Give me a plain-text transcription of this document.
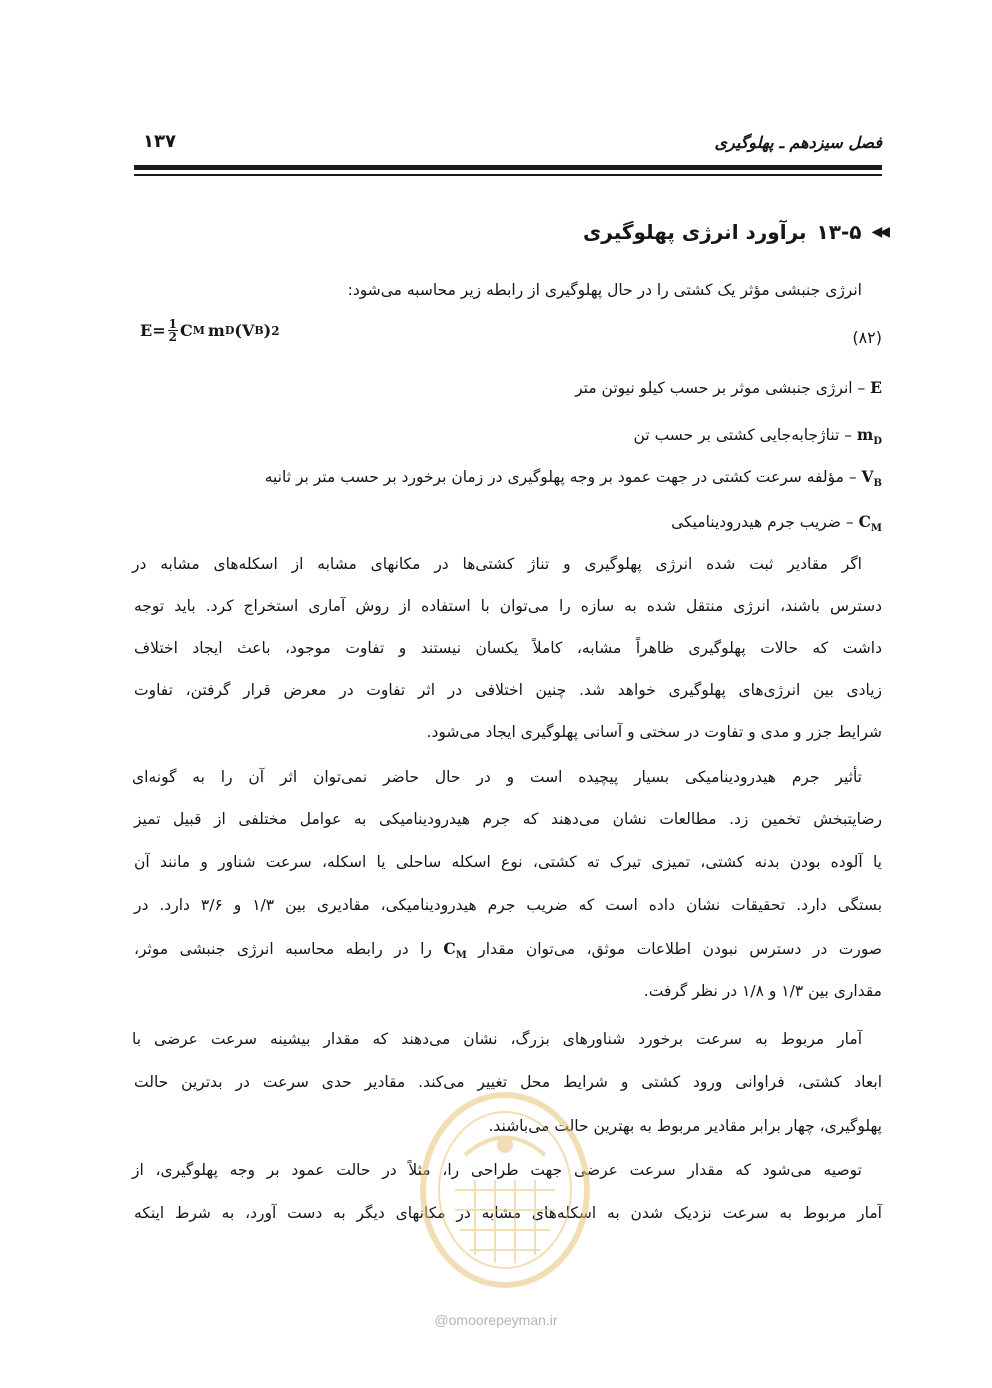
فصل سیزدهم ـ پهلوگیری
۱۳۷
◀◀
۱۳-۵
برآورد انرژی پهلوگیری
انرژی جنبشی مؤثر یک کشتی را در حال پهلوگیری از رابطه زیر محاسبه می‌شود:
$E= \frac{1}{2}$ C M m D (V B ) 2	(۸۲)
E – انرژی جنبشی موثر بر حسب کیلو نیوتن متر
$m_D$ – تناژجابه‌جایی کشتی بر حسب تن
$V_B$ – مؤلفه سرعت کشتی در جهت عمود بر وجه پهلوگیری در زمان برخورد بر حسب متر بر ثانیه
$C_M$ – ضریب جرم هیدرودینامیکی
اگر مقادیر ثبت شده انرژی پهلوگیری و تناژ کشتی‌ها در مکانهای مشابه از اسکله‌های مشابه در
دسترس باشند، انرژی منتقل شده به سازه را می‌توان با استفاده از روش آماری استخراج کرد. باید توجه
داشت که حالات پهلوگیری ظاهراً مشابه، کاملاً یکسان نیستند و تفاوت موجود، باعث ایجاد اختلاف
زیادی بین انرژی‌های پهلوگیری خواهد شد. چنین اختلافی در اثر تفاوت در معرض قرار گرفتن، تفاوت
شرایط جزر و مدی و تفاوت در سختی و آسانی پهلوگیری ایجاد می‌شود.
تأثیر جرم هیدرودینامیکی بسیار پیچیده است و در حال حاضر نمی‌توان اثر آن را به گونه‌ای
رضایتبخش تخمین زد. مطالعات نشان می‌دهند که جرم هیدرودینامیکی به عوامل مختلفی از قبیل تمیز
یا آلوده بودن بدنه کشتی، تمیزی تیرک ته کشتی، نوع اسکله ساحلی یا اسکله، سرعت شناور و مانند آن
بستگی دارد. تحقیقات نشان داده است که ضریب جرم هیدرودینامیکی، مقادیری بین ۱/۳ و ۳/۶ دارد. در
صورت در دسترس نبودن اطلاعات موثق، می‌توان مقدار $C_M$ را در رابطه محاسبه انرژی جنبشی موثر،
مقداری بین ۱/۳ و ۱/۸ در نظر گرفت.
آمار مربوط به سرعت برخورد شناورهای بزرگ، نشان می‌دهند که مقدار بیشینه سرعت عرضی با
ابعاد کشتی، فراوانی ورود کشتی و شرایط محل تغییر می‌کند. مقادیر حدی سرعت در بدترین حالت
پهلوگیری، چهار برابر مقادیر مربوط به بهترین حالت می‌باشند.
توصیه می‌شود که مقدار سرعت عرضی جهت طراحی را، مثلاً در حالت عمود بر وجه پهلوگیری، از
آمار مربوط به سرعت نزدیک شدن به اسکله‌های مشابه در مکانهای دیگر به دست آورد، به شرط اینکه
@omoorepeyman.ir
